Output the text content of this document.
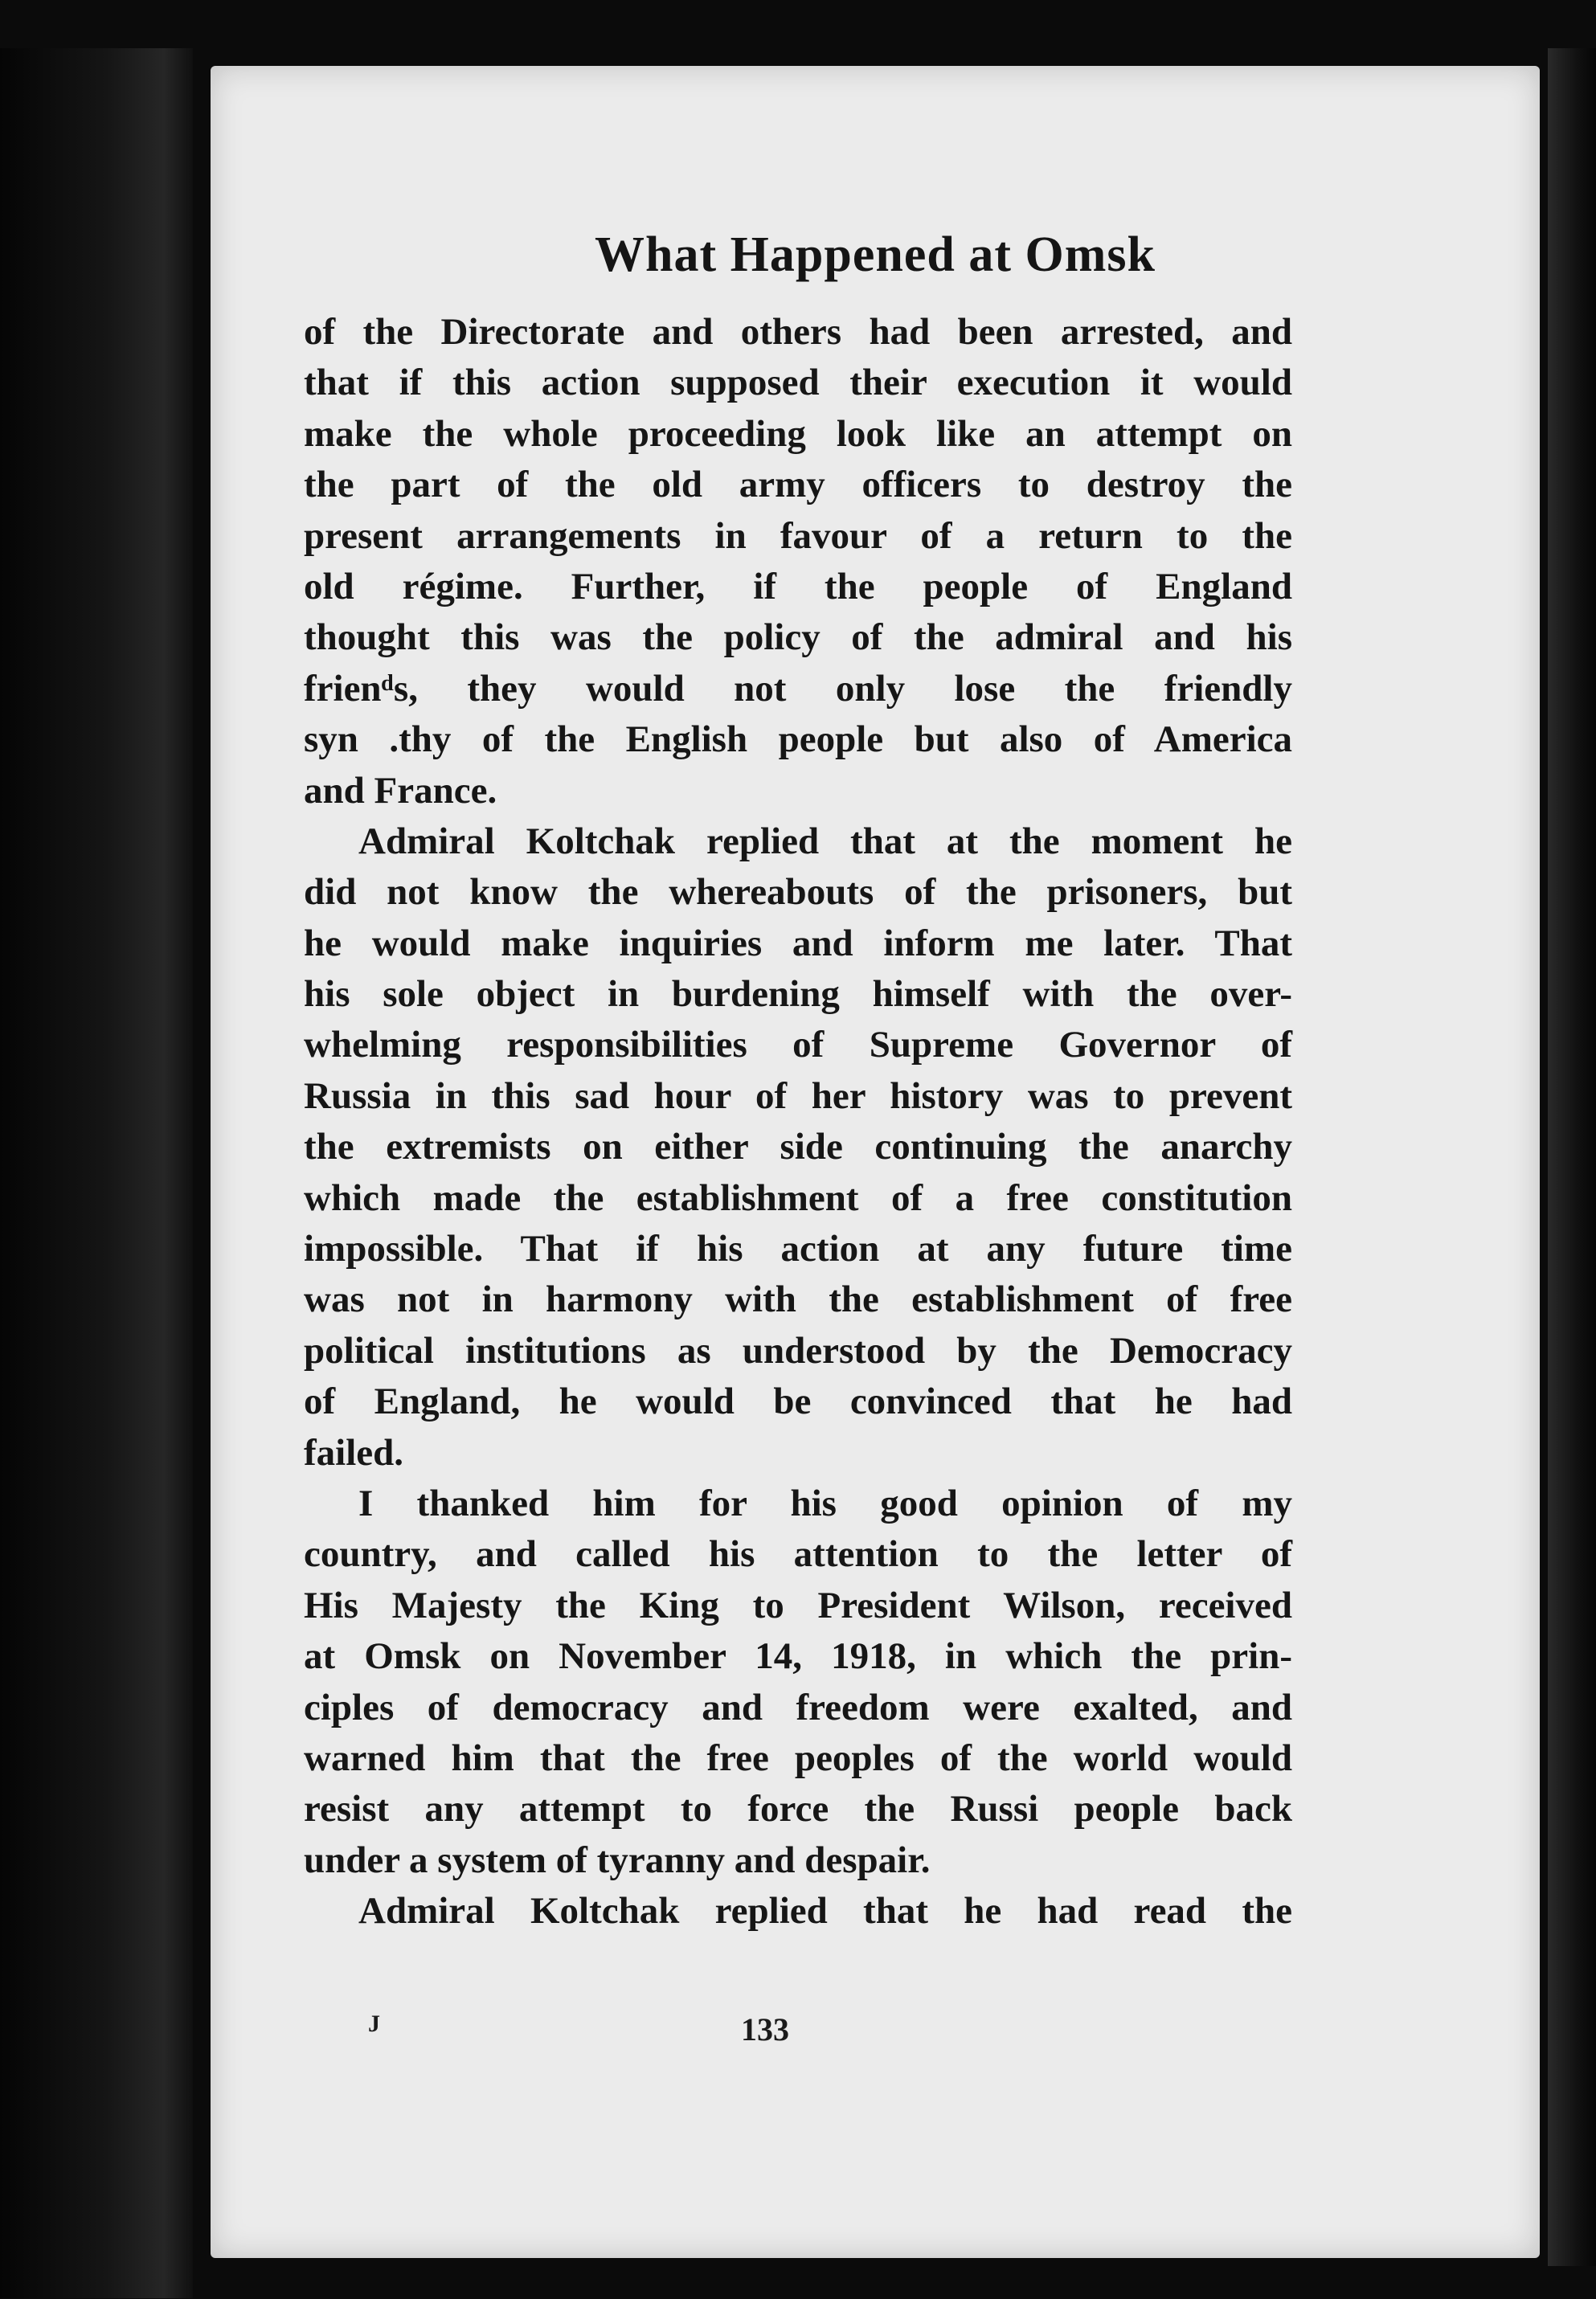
What Happened at Omsk
of the Directorate and others had been arrested, and
that if this action supposed their execution it would
make the whole proceeding look like an attempt on
the part of the old army officers to destroy the
present arrangements in favour of a return to the
old régime. Further, if the people of England
thought this was the policy of the admiral and his
frienᵈs, they would not only lose the friendly
syn .thy of the English people but also of America
and France.
Admiral Koltchak replied that at the moment he
did not know the whereabouts of the prisoners, but
he would make inquiries and inform me later. That
his sole object in burdening himself with the over-
whelming responsibilities of Supreme Governor of
Russia in this sad hour of her history was to prevent
the extremists on either side continuing the anarchy
which made the establishment of a free constitution
impossible. That if his action at any future time
was not in harmony with the establishment of free
political institutions as understood by the Democracy
of England, he would be convinced that he had
failed.
I thanked him for his good opinion of my
country, and called his attention to the letter of
His Majesty the King to President Wilson, received
at Omsk on November 14, 1918, in which the prin-
ciples of democracy and freedom were exalted, and
warned him that the free peoples of the world would
resist any attempt to force the Russi people back
under a system of tyranny and despair.
Admiral Koltchak replied that he had read the
J	133
